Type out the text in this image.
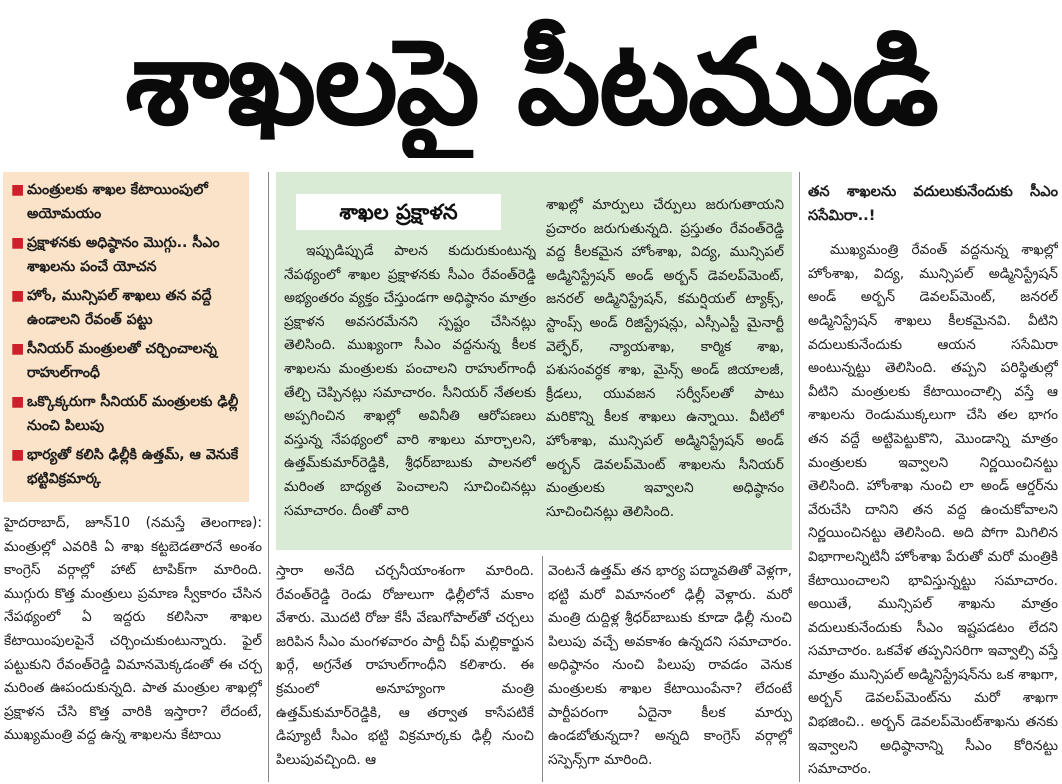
శాఖలపై పీటముడి
■ మంత్రులకు శాఖల కేటాయింపులో అయోమయం
■ ప్రక్షాళనకు అధిష్ఠానం మొగ్గు.. సీఎం శాఖలను పంచే యోచన
■ హోం, మున్సిపల్ శాఖలు తన వద్దే ఉండాలని రేవంత్ పట్టు
■ సీనియర్ మంత్రులతో చర్చించాలన్న రాహుల్‌గాంధీ
■ ఒక్కొక్కరుగా సీనియర్ మంత్రులకు ఢిల్లీ నుంచి పిలుపు
■ భార్యతో కలిసి ఢిల్లీకి ఉత్తమ్, ఆ వెనుకే భట్టివిక్రమార్క
శాఖల ప్రక్షాళన

ఇప్పుడిప్పుడే పాలన కుదురుకుంటున్న నేపథ్యంలో శాఖల ప్రక్షాళనకు సీఎం రేవంత్‌రెడ్డి అభ్యంతరం వ్యక్తం చేస్తుండగా అధిష్ఠానం మాత్రం ప్రక్షాళన అవసరమేనని స్పష్టం చేసినట్లు తెలిసింది. ముఖ్యంగా సీఎం వద్దనున్న కీలక శాఖలను మంత్రులకు పంచాలని రాహుల్‌గాంధీ తేల్చి చెప్పినట్లు సమాచారం. సీనియర్ నేతలకు అప్పగించిన శాఖల్లో అవినీతి ఆరోపణలు వస్తున్న నేపథ్యంలో వారి శాఖలు మార్చాలని, ఉత్తమ్‌కుమార్‌రెడ్డికి, శ్రీధర్‌బాబుకు పాలనలో మరింత బాధ్యత పెంచాలని సూచించినట్లు సమాచారం. దీంతో వారి

శాఖల్లో మార్పులు చేర్పులు జరుగుతాయని ప్రచారం జరుగుతున్నది. ప్రస్తుతం రేవంత్‌రెడ్డి వద్ద కీలకమైన హోంశాఖ, విద్య, మున్సిపల్ అడ్మినిస్ట్రేషన్ అండ్ అర్బన్ డెవలప్‌మెంట్, జనరల్ అడ్మినిస్ట్రేషన్, కమర్షియల్ ట్యాక్స్, స్టాంప్స్ అండ్ రిజిస్ట్రేషన్లు, ఎస్సీఎస్టీ మైనార్టీ వెల్ఫేర్, న్యాయశాఖ, కార్మిక శాఖ, పశుసంవర్ధక శాఖ, మైన్స్ అండ్ జియాలజీ, క్రీడలు, యువజన సర్వీస్‌లతో పాటు మరికొన్ని కీలక శాఖలు ఉన్నాయి. వీటిలో హోంశాఖ, మున్సిపల్ అడ్మినిస్ట్రేషన్ అండ్ అర్బన్ డెవలప్‌మెంట్ శాఖలను సీనియర్ మంత్రులకు ఇవ్వాలని అధిష్ఠానం సూచించినట్లు తెలిసింది.

హైదరాబాద్, జూన్10 (నమస్తే తెలంగాణ): మంత్రుల్లో ఎవరికి ఏ శాఖ కట్టబెడతారనే అంశం కాంగ్రెస్ వర్గాల్లో హాట్ టాపిక్‌గా మారింది. ముగ్గురు కొత్త మంత్రులు ప్రమాణ స్వీకారం చేసిన నేపథ్యంలో ఏ ఇద్దరు కలిసినా శాఖల కేటాయింపులపైనే చర్చించుకుంటున్నారు. ఫైల్ పట్టుకుని రేవంత్‌రెడ్డి విమానమెక్కడంతో ఈ చర్చ మరింత ఊపందుకున్నది. పాత మంత్రుల శాఖల్లో ప్రక్షాళన చేసి కొత్త వారికి ఇస్తారా? లేదంటే, ముఖ్యమంత్రి వద్ద ఉన్న శాఖలను కేటాయి

స్తారా అనేది చర్చనీయాంశంగా మారింది. రేవంత్‌రెడ్డి రెండు రోజులుగా ఢిల్లీలోనే మకాం వేశారు. మొదటి రోజు కేసీ వేణుగోపాల్‌తో చర్చలు జరిపిన సీఎం మంగళవారం పార్టీ చీఫ్ మల్లికార్జున ఖర్గే, అగ్రనేత రాహుల్‌గాంధీని కలిశారు. ఈ క్రమంలో అనూహ్యంగా మంత్రి ఉత్తమ్‌కుమార్‌రెడ్డికి, ఆ తర్వాత కాసేపటికే డిప్యూటీ సీఎం భట్టి విక్రమార్కకు ఢిల్లీ నుంచి పిలుపువచ్చింది. ఆ

వెంటనే ఉత్తమ్ తన భార్య పద్మావతితో వెళ్లగా, భట్టి మరో విమానంలో ఢిల్లీ వెళ్లారు. మరో మంత్రి దుద్దిళ్ల శ్రీధర్‌బాబుకు కూడా ఢిల్లీ నుంచి పిలుపు వచ్చే అవకాశం ఉన్నదని సమాచారం. అధిష్ఠానం నుంచి పిలుపు రావడం వెనుక మంత్రులకు శాఖల కేటాయింపేనా? లేదంటే పార్టీపరంగా ఏదైనా కీలక మార్పు ఉండబోతున్నదా? అన్నది కాంగ్రెస్ వర్గాల్లో సస్పెన్స్‌గా మారింది.

తన శాఖలను వదులుకునేందుకు సీఎం ససేమిరా..!

ముఖ్యమంత్రి రేవంత్ వద్దనున్న శాఖల్లో హోంశాఖ, విద్య, మున్సిపల్ అడ్మినిస్ట్రేషన్ అండ్ అర్బన్ డెవలప్‌మెంట్, జనరల్ అడ్మినిస్ట్రేషన్ శాఖలు కీలకమైనవి. వీటిని వదులుకునేందుకు ఆయన ససేమిరా అంటున్నట్టు తెలిసింది. తప్పని పరిస్థితుల్లో వీటిని మంత్రులకు కేటాయించాల్సి వస్తే ఆ శాఖలను రెండుముక్కలుగా చేసి తల భాగం తన వద్దే అట్టిపెట్టుకొని, మొండాన్ని మాత్రం మంత్రులకు ఇవ్వాలని నిర్ణయించినట్టు తెలిసింది. హోంశాఖ నుంచి లా అండ్ ఆర్డర్‌ను వేరుచేసి దానిని తన వద్ద ఉంచుకోవాలని నిర్ణయించినట్టు తెలిసింది. అది పోగా మిగిలిన విభాగాలన్నిటినీ హోంశాఖ పేరుతో మరో మంత్రికి కేటాయించాలని భావిస్తున్నట్టు సమాచారం. అయితే, మున్సిపల్ శాఖను మాత్రం వదులుకునేందుకు సీఎం ఇష్టపడటం లేదని సమాచారం. ఒకవేళ తప్పనిసరిగా ఇవ్వాల్సి వస్తే మాత్రం మున్సిపల్ అడ్మినిస్ట్రేషన్‌ను ఒక శాఖగా, అర్బన్ డెవలప్‌మెంట్‌ను మరో శాఖగా విభజించి.. అర్బన్ డెవలప్‌మెంట్‌శాఖను తనకు ఇవ్వాలని అధిష్ఠానాన్ని సీఎం కోరినట్టు సమాచారం.
